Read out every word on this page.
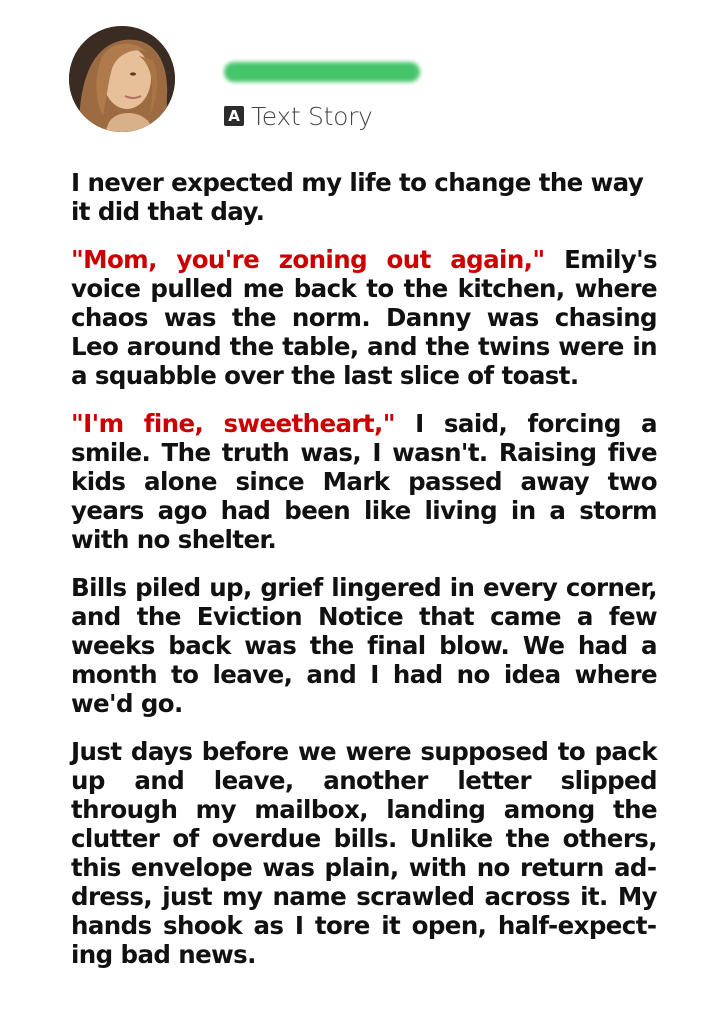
A Text Story

I never expected my life to change the way it did that day.

"Mom, you're zoning out again," Emily's voice pulled me back to the kitchen, where chaos was the norm. Danny was chasing Leo around the table, and the twins were in a squabble over the last slice of toast.

"I'm fine, sweetheart," I said, forcing a smile. The truth was, I wasn't. Raising five kids alone since Mark passed away two years ago had been like living in a storm with no shelter.

Bills piled up, grief lingered in every corner, and the Eviction Notice that came a few weeks back was the final blow. We had a month to leave, and I had no idea where we'd go.

Just days before we were supposed to pack up and leave, another letter slipped through my mailbox, landing among the clutter of overdue bills. Unlike the others, this envelope was plain, with no return address, just my name scrawled across it. My hands shook as I tore it open, half-expecting bad news.
